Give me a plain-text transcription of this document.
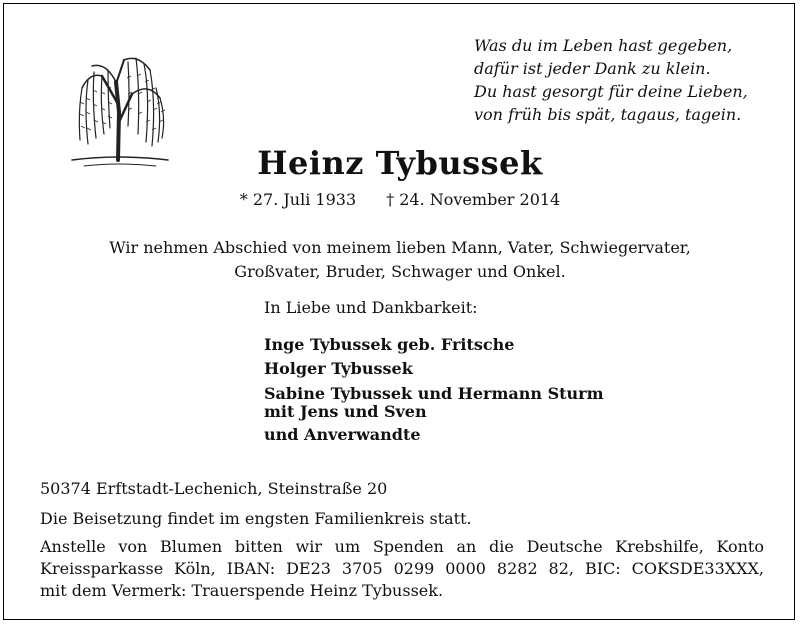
Was du im Leben hast gegeben,
dafür ist jeder Dank zu klein.
Du hast gesorgt für deine Lieben,
von früh bis spät, tagaus, tagein.
Heinz Tybussek
* 27. Juli 1933 † 24. November 2014
Wir nehmen Abschied von meinem lieben Mann, Vater, Schwiegervater,
Großvater, Bruder, Schwager und Onkel.
In Liebe und Dankbarkeit:
Inge Tybussek geb. Fritsche
Holger Tybussek
Sabine Tybussek und Hermann Sturm
mit Jens und Sven
und Anverwandte
50374 Erftstadt-Lechenich, Steinstraße 20
Die Beisetzung findet im engsten Familienkreis statt.
Anstelle von Blumen bitten wir um Spenden an die Deutsche Krebshilfe, Konto
Kreissparkasse Köln, IBAN: DE23 3705 0299 0000 8282 82, BIC: COKSDE33XXX,
mit dem Vermerk: Trauerspende Heinz Tybussek.
